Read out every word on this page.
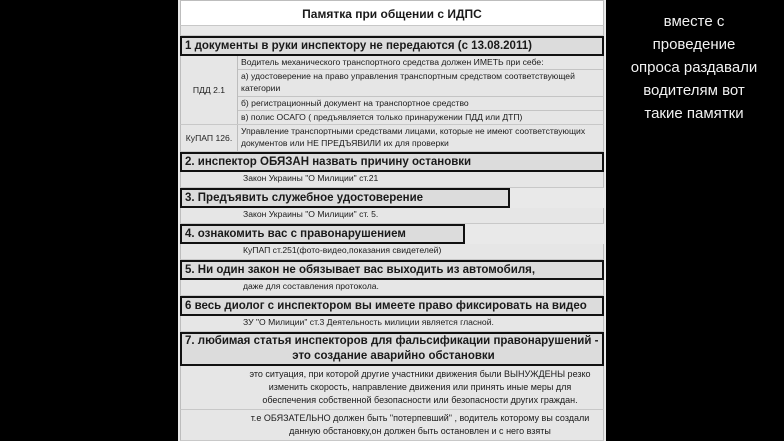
Памятка при общении с ИДПС
1 документы в руки инспектору не передаются (с 13.08.2011)
ПДД 2.1
Водитель механического транспортного средства должен ИМЕТЬ при себе:
а) удостоверение на право управления транспортным средством соответствующей категории
б) регистрационный документ на транспортное средство
в) полис ОСАГО ( предъявляется только принаружении ПДД или ДТП)
КуПАП 126.
Управление транспортными средствами лицами, которые не имеют соответствующих документов или НЕ ПРЕДЪЯВИЛИ их для проверки
2. инспектор ОБЯЗАН назвать причину остановки
Закон Украины "О Милиции" ст.21
3. Предъявить служебное удостоверение
Закон Украины "О Милиции" ст. 5.
4. ознакомить вас с правонарушением
КуПАП ст.251(фото-видео,показания свидетелей)
5. Ни один закон не обязывает вас выходить из автомобиля,
даже для составления протокола.
6 весь диолог с инспектором вы имеете право фиксировать на видео
ЗУ "О Милиции" ст.3 Деятельность милиции является гласной.
7. любимая статья инспекторов для фальсификации правонарушений -
это создание аварийно обстановки
это ситуация, при которой другие участники движения были ВЫНУЖДЕНЫ резко изменить скорость, направление движения или принять иные меры для обеспечения собственной безопасности или безопасности других граждан.
т.е ОБЯЗАТЕЛЬНО должен быть "потерпевший" , водитель которому вы создали данную обстановку,он должен быть остановлен и с него взяты
вместе с
проведение
опроса раздавали
водителям вот
такие памятки
